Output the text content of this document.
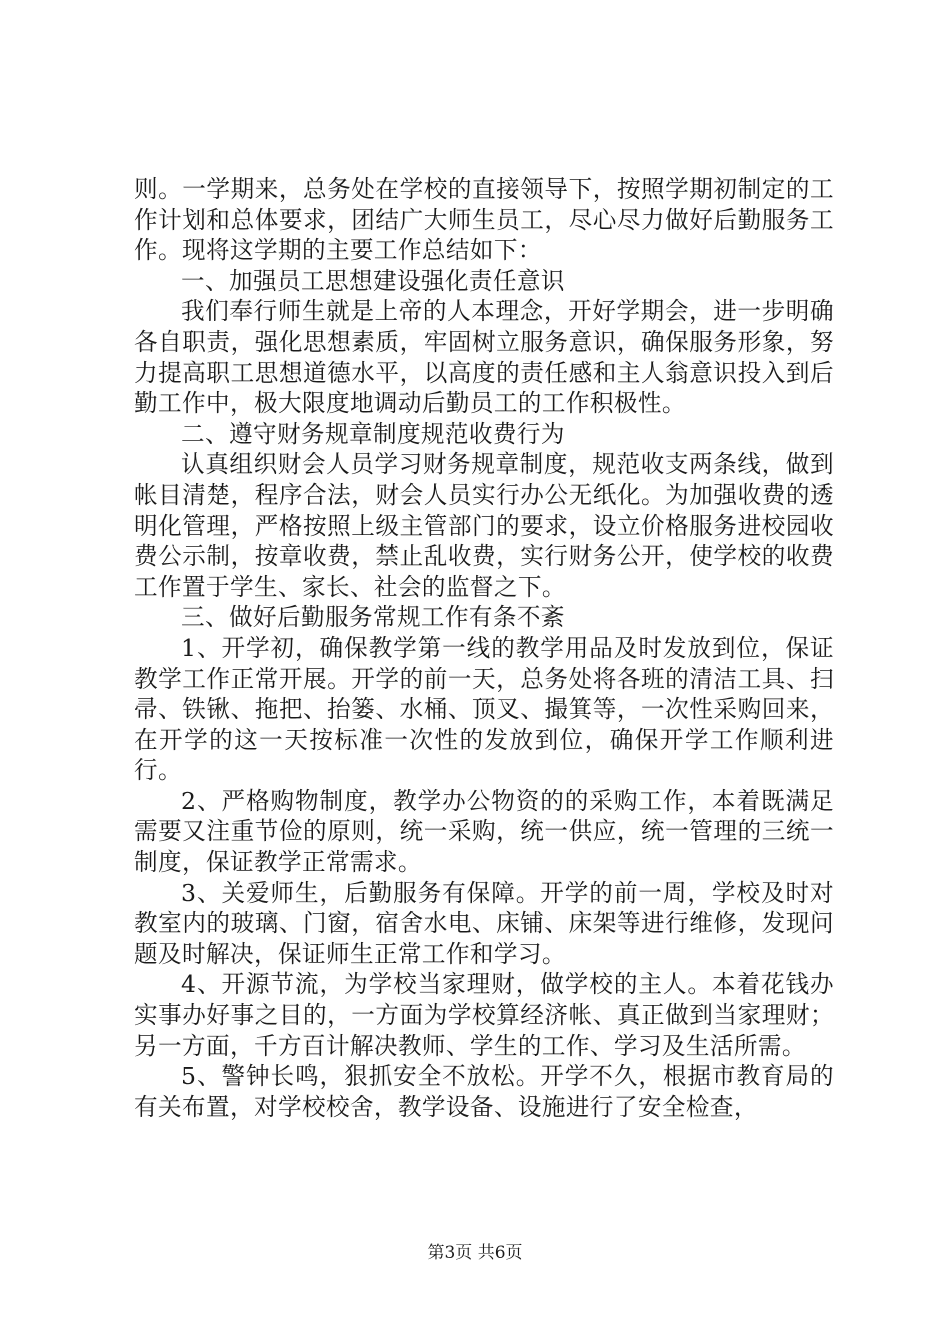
则。一学期来，总务处在学校的直接领导下，按照学期初制定的工作计划和总体要求，团结广大师生员工，尽心尽力做好后勤服务工作。现将这学期的主要工作总结如下：

一、加强员工思想建设强化责任意识

我们奉行师生就是上帝的人本理念，开好学期会，进一步明确各自职责，强化思想素质，牢固树立服务意识，确保服务形象，努力提高职工思想道德水平，以高度的责任感和主人翁意识投入到后勤工作中，极大限度地调动后勤员工的工作积极性。

二、遵守财务规章制度规范收费行为

认真组织财会人员学习财务规章制度，规范收支两条线，做到帐目清楚，程序合法，财会人员实行办公无纸化。为加强收费的透明化管理，严格按照上级主管部门的要求，设立价格服务进校园收费公示制，按章收费，禁止乱收费，实行财务公开，使学校的收费工作置于学生、家长、社会的监督之下。

三、做好后勤服务常规工作有条不紊

1、开学初，确保教学第一线的教学用品及时发放到位，保证教学工作正常开展。开学的前一天，总务处将各班的清洁工具、扫帚、铁锹、拖把、抬篓、水桶、顶叉、撮箕等，一次性采购回来，在开学的这一天按标准一次性的发放到位，确保开学工作顺利进行。

2、严格购物制度，教学办公物资的的采购工作，本着既满足需要又注重节俭的原则，统一采购，统一供应，统一管理的三统一制度，保证教学正常需求。

3、关爱师生，后勤服务有保障。开学的前一周，学校及时对教室内的玻璃、门窗，宿舍水电、床铺、床架等进行维修，发现问题及时解决，保证师生正常工作和学习。

4、开源节流，为学校当家理财，做学校的主人。本着花钱办实事办好事之目的，一方面为学校算经济帐、真正做到当家理财；另一方面，千方百计解决教师、学生的工作、学习及生活所需。

5、警钟长鸣，狠抓安全不放松。开学不久，根据市教育局的有关布置，对学校校舍，教学设备、设施进行了安全检查，

第3页 共6页
